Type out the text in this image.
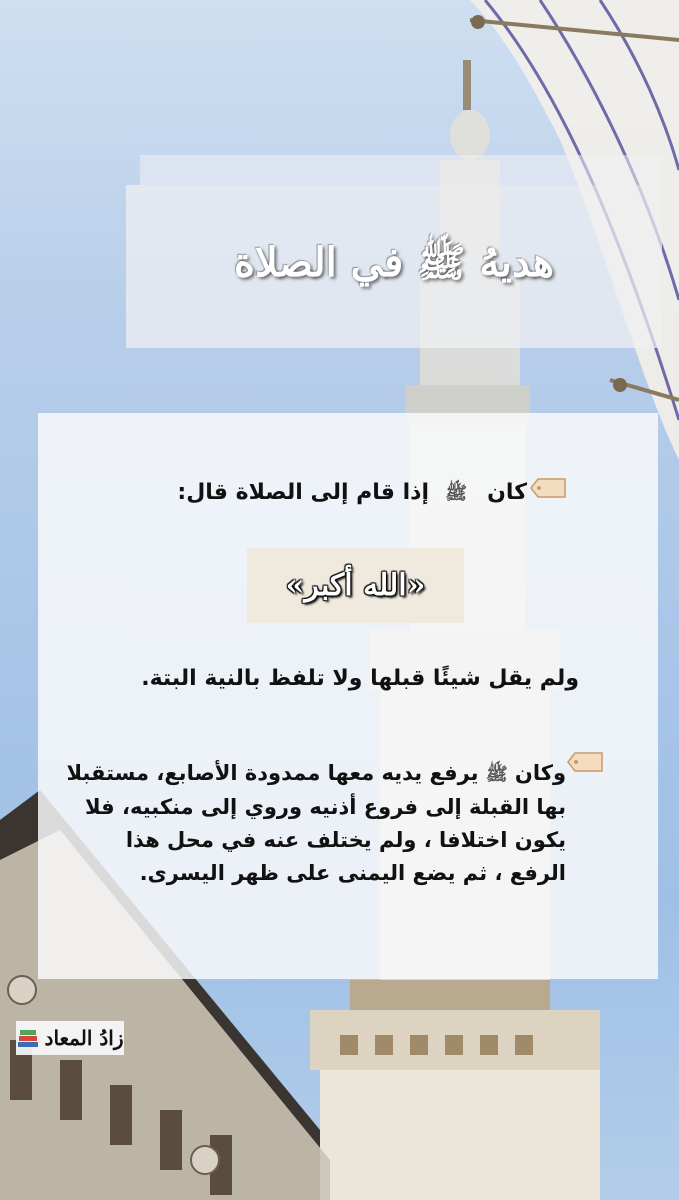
هديهُ ﷺ في الصلاة
كان
ﷺ
إذا قام إلى الصلاة قال:
«الله أكبر»
ولم يقل شيئًا قبلها ولا تلفظ بالنية البتة.
وكان ﷺ يرفع يديه معها ممدودة الأصابع، مستقبلا بها القبلة إلى فروع أذنيه وروي إلى منكبيه، فلا يكون اختلافا ، ولم يختلف عنه في محل هذا الرفع ، ثم يضع اليمنى على ظهر اليسرى.
زادُ المعاد
